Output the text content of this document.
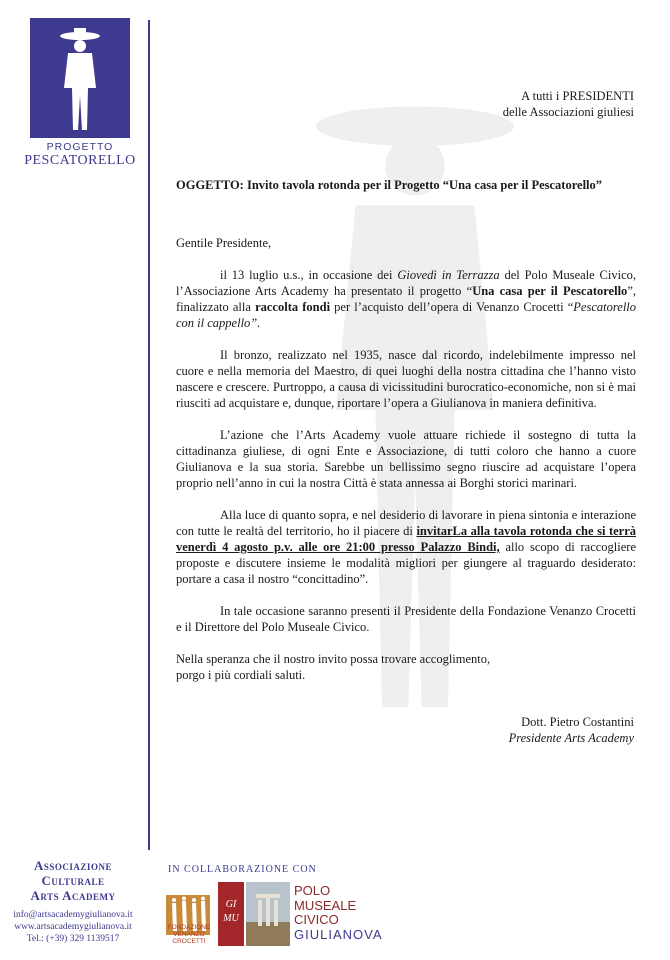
PROGETTO
PESCATORELLO
A tutti i PRESIDENTI
delle Associazioni giuliesi
OGGETTO: Invito tavola rotonda per il Progetto “Una casa per il Pescatorello”

Gentile Presidente,

il 13 luglio u.s., in occasione dei Giovedì in Terrazza del Polo Museale Civico, l’Associazione Arts Academy ha presentato il progetto “Una casa per il Pescatorello”, finalizzato alla raccolta fondi per l’acquisto dell’opera di Venanzo Crocetti “Pescatorello con il cappello”.

Il bronzo, realizzato nel 1935, nasce dal ricordo, indelebilmente impresso nel cuore e nella memoria del Maestro, di quei luoghi della nostra cittadina che l’hanno visto nascere e crescere. Purtroppo, a causa di vicissitudini burocratico-economiche, non si è mai riusciti ad acquistare e, dunque, riportare l’opera a Giulianova in maniera definitiva.

L’azione che l’Arts Academy vuole attuare richiede il sostegno di tutta la cittadinanza giuliese, di ogni Ente e Associazione, di tutti coloro che hanno a cuore Giulianova e la sua storia. Sarebbe un bellissimo segno riuscire ad acquistare l’opera proprio nell’anno in cui la nostra Città è stata annessa ai Borghi storici marinari.

Alla luce di quanto sopra, e nel desiderio di lavorare in piena sintonia e interazione con tutte le realtà del territorio, ho il piacere di invitarLa alla tavola rotonda che si terrà venerdì 4 agosto p.v. alle ore 21:00 presso Palazzo Bindi, allo scopo di raccogliere proposte e discutere insieme le modalità migliori per giungere al traguardo desiderato: portare a casa il nostro “concittadino”.

In tale occasione saranno presenti il Presidente della Fondazione Venanzo Crocetti e il Direttore del Polo Museale Civico.

Nella speranza che il nostro invito possa trovare accoglimento,

porgo i più cordiali saluti.

Dott. Pietro Costantini
Presidente Arts Academy
Associazione
Culturale
Arts Academy
info@artsacademygiulianova.it
www.artsacademygiulianova.it
Tel.: (+39) 329 1139517
IN COLLABORAZIONE CON
FONDAZIONE
VENANZO
CROCETTI
GI
MU
POLO
MUSEALE
CIVICO
GIULIANOVA
